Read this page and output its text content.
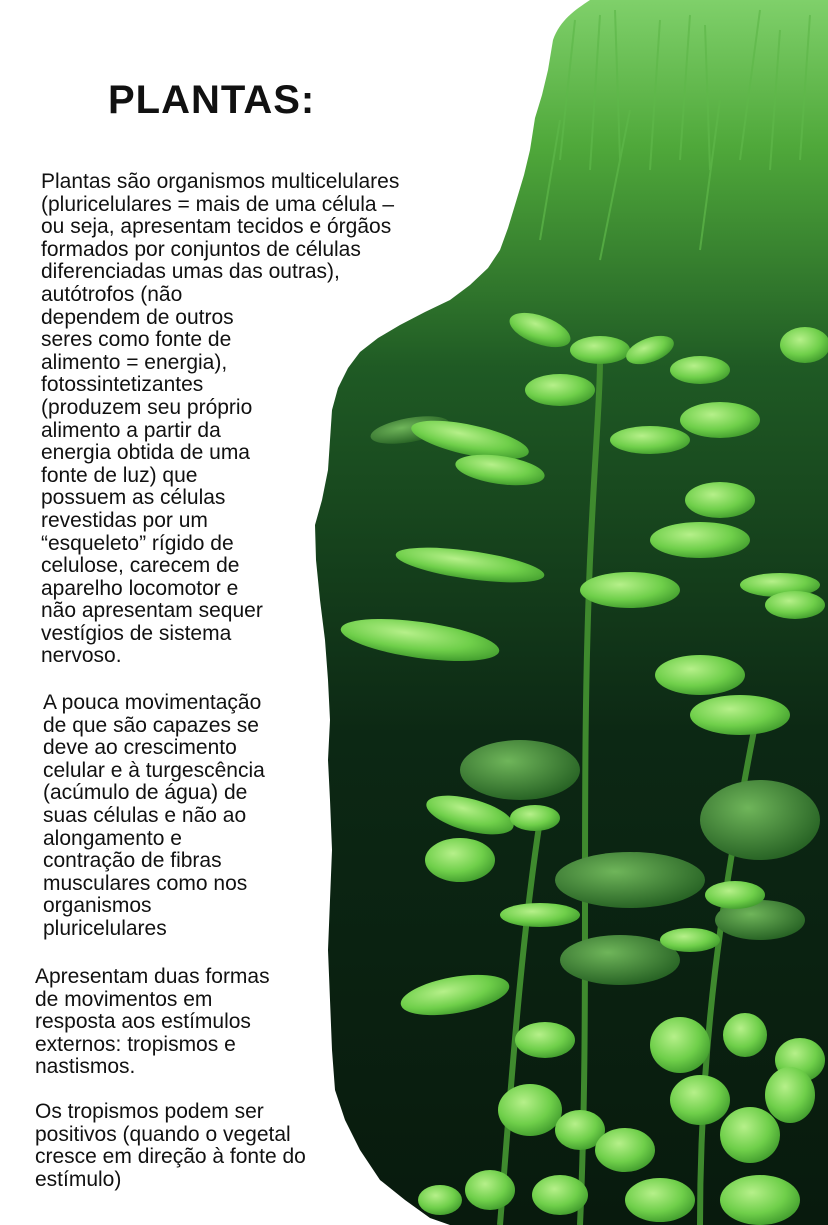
PLANTAS:

Plantas são organismos multicelulares
(pluricelulares = mais de uma célula –
ou seja, apresentam tecidos e órgãos
formados por conjuntos de células
diferenciadas umas das outras),
autótrofos (não
dependem de outros
seres como fonte de
alimento = energia),
fotossintetizantes
(produzem seu próprio
alimento a partir da
energia obtida de uma
fonte de luz) que
possuem as células
revestidas por um
“esqueleto” rígido de
celulose, carecem de
aparelho locomotor e
não apresentam sequer
vestígios de sistema
nervoso.

A pouca movimentação
de que são capazes se
deve ao crescimento
celular e à turgescência
(acúmulo de água) de
suas células e não ao
alongamento e
contração de fibras
musculares como nos
organismos
pluricelulares

Apresentam duas formas
de movimentos em
resposta aos estímulos
externos: tropismos e
nastismos.

Os tropismos podem ser
positivos (quando o vegetal
cresce em direção à fonte do
estímulo)
